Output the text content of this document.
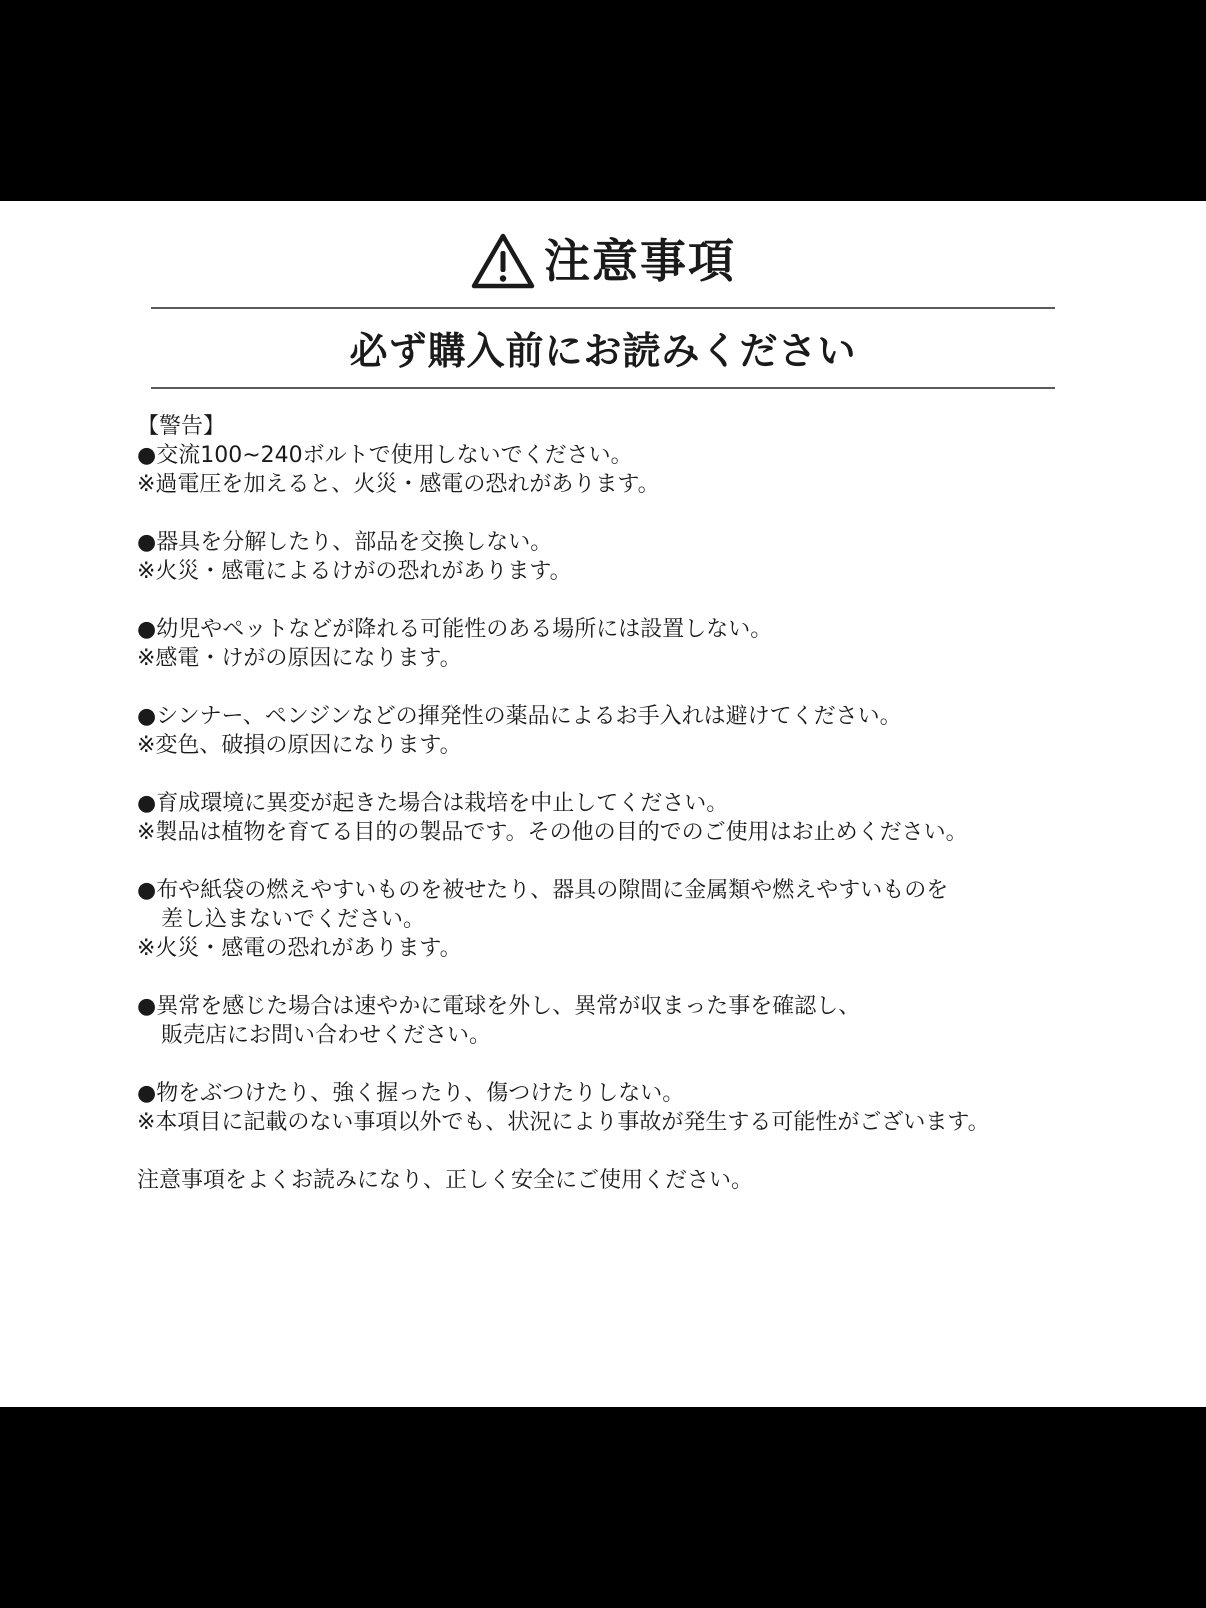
注意事項
必ず購入前にお読みください
【警告】
●交流100~240ボルトで使用しないでください。
※過電圧を加えると、火災・感電の恐れがあります。
●器具を分解したり、部品を交換しない。
※火災・感電によるけがの恐れがあります。
●幼児やペットなどが降れる可能性のある場所には設置しない。
※感電・けがの原因になります。
●シンナー、ペンジンなどの揮発性の薬品によるお手入れは避けてください。
※変色、破損の原因になります。
●育成環境に異変が起きた場合は栽培を中止してください。
※製品は植物を育てる目的の製品です。その他の目的でのご使用はお止めください。
●布や紙袋の燃えやすいものを被せたり、器具の隙間に金属類や燃えやすいものを
差し込まないでください。
※火災・感電の恐れがあります。
●異常を感じた場合は速やかに電球を外し、異常が収まった事を確認し、
販売店にお問い合わせください。
●物をぶつけたり、強く握ったり、傷つけたりしない。
※本項目に記載のない事項以外でも、状況により事故が発生する可能性がございます。
注意事項をよくお読みになり、正しく安全にご使用ください。
